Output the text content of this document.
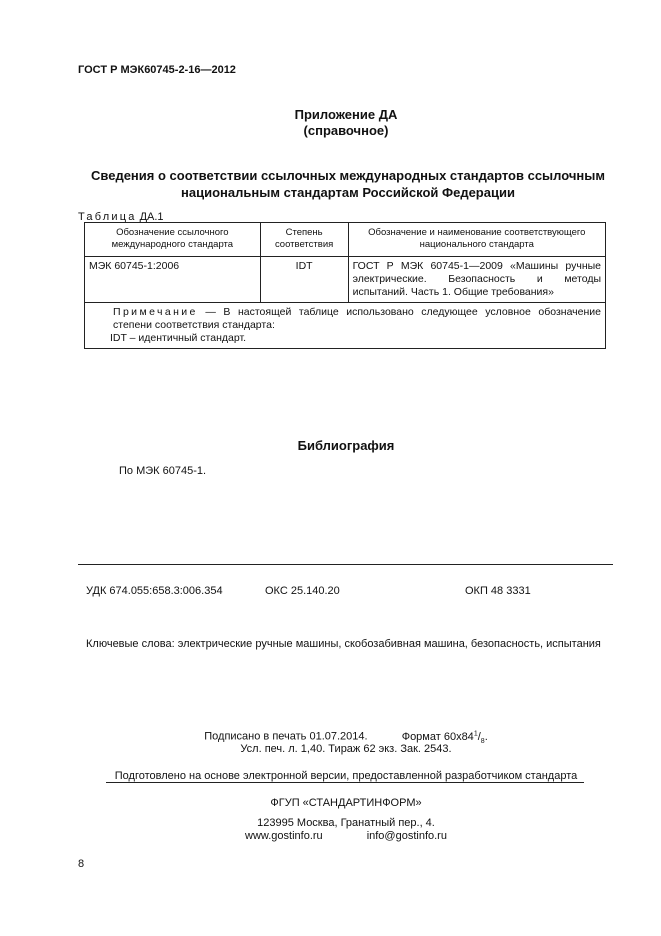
ГОСТ Р МЭК60745-2-16—2012
Приложение ДА
(справочное)
Сведения о соответствии ссылочных международных стандартов ссылочным
национальным стандартам Российской Федерации
Таблица ДА.1
Обозначение ссылочного международного стандарта	Степень соответствия	Обозначение и наименование соответствующего национального стандарта
МЭК 60745-1:2006	IDT	ГОСТ Р МЭК 60745-1—2009 «Машины ручные электрические. Безопасность и методы испытаний. Часть 1. Общие требования»

Примечание — В настоящей таблице использовано следующее условное обозначение степени соответствия стандарта:
IDT – идентичный стандарт.		
Библиография
По МЭК 60745-1.
УДК 674.055:658.3:006.354	ОКС 25.140.20	ОКП 48 3331
Ключевые слова: электрические ручные машины, скобозабивная машина, безопасность, испытания
Подписано в печать 01.07.2014.	Формат $60x84^1/_8$.
Усл. печ. л. 1,40. Тираж 62 экз. Зак. 2543.
Подготовлено на основе электронной версии, предоставленной разработчиком стандарта
ФГУП «СТАНДАРТИНФОРМ»
123995 Москва, Гранатный пер., 4.
www.gostinfo.ru	info@gostinfo.ru
8
